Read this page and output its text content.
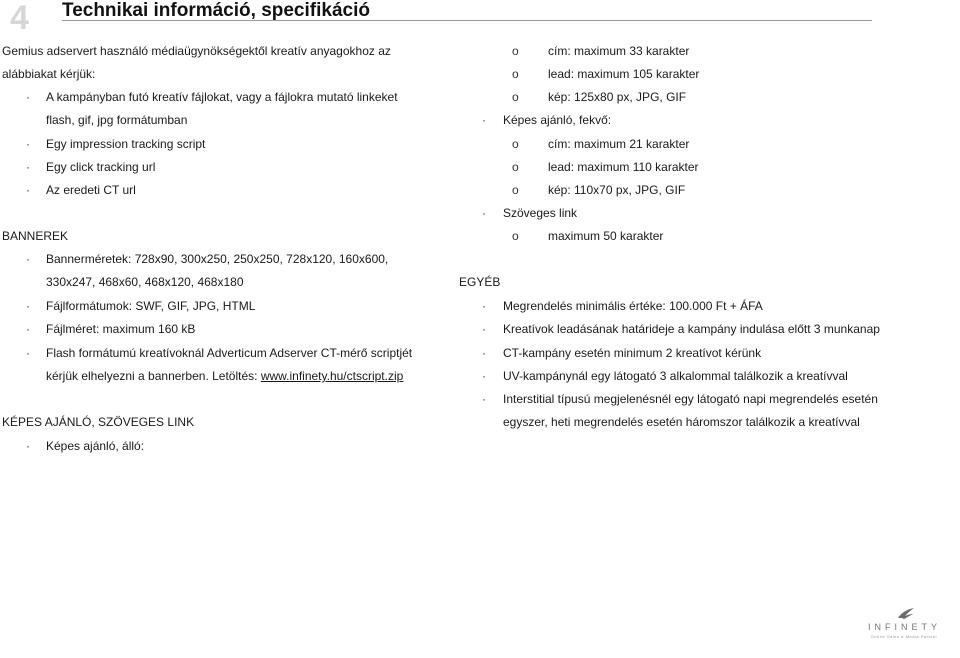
4 Technikai információ, specifikáció
Gemius adservert használó médiaügynökségektől kreatív anyagokhoz az
alábbiakat kérjük:
· A kampányban futó kreatív fájlokat, vagy a fájlokra mutató linkeket
flash, gif, jpg formátumban
· Egy impression tracking script
· Egy click tracking url
· Az eredeti CT url
BANNEREK
· Bannerméretek: 728x90, 300x250, 250x250, 728x120, 160x600,
330x247, 468x60, 468x120, 468x180
· Fájlformátumok: SWF, GIF, JPG, HTML
· Fájlméret: maximum 160 kB
· Flash formátumú kreatívoknál Adverticum Adserver CT-mérő scriptjét
kérjük elhelyezni a bannerben. Letöltés: www.infinety.hu/ctscript.zip
KÉPES AJÁNLÓ, SZÖVEGES LINK
· Képes ajánló, álló:
o cím: maximum 33 karakter
o lead: maximum 105 karakter
o kép: 125x80 px, JPG, GIF
· Képes ajánló, fekvő:
o cím: maximum 21 karakter
o lead: maximum 110 karakter
o kép: 110x70 px, JPG, GIF
· Szöveges link
o maximum 50 karakter
EGYÉB
· Megrendelés minimális értéke: 100.000 Ft + ÁFA
· Kreatívok leadásának határideje a kampány indulása előtt 3 munkanap
· CT-kampány esetén minimum 2 kreatívot kérünk
· UV-kampánynál egy látogató 3 alkalommal találkozik a kreatívval
· Interstitial típusú megjelenésnél egy látogató napi megrendelés esetén
egyszer, heti megrendelés esetén háromszor találkozik a kreatívval
INFINETY
Online Sales & Media Partner
